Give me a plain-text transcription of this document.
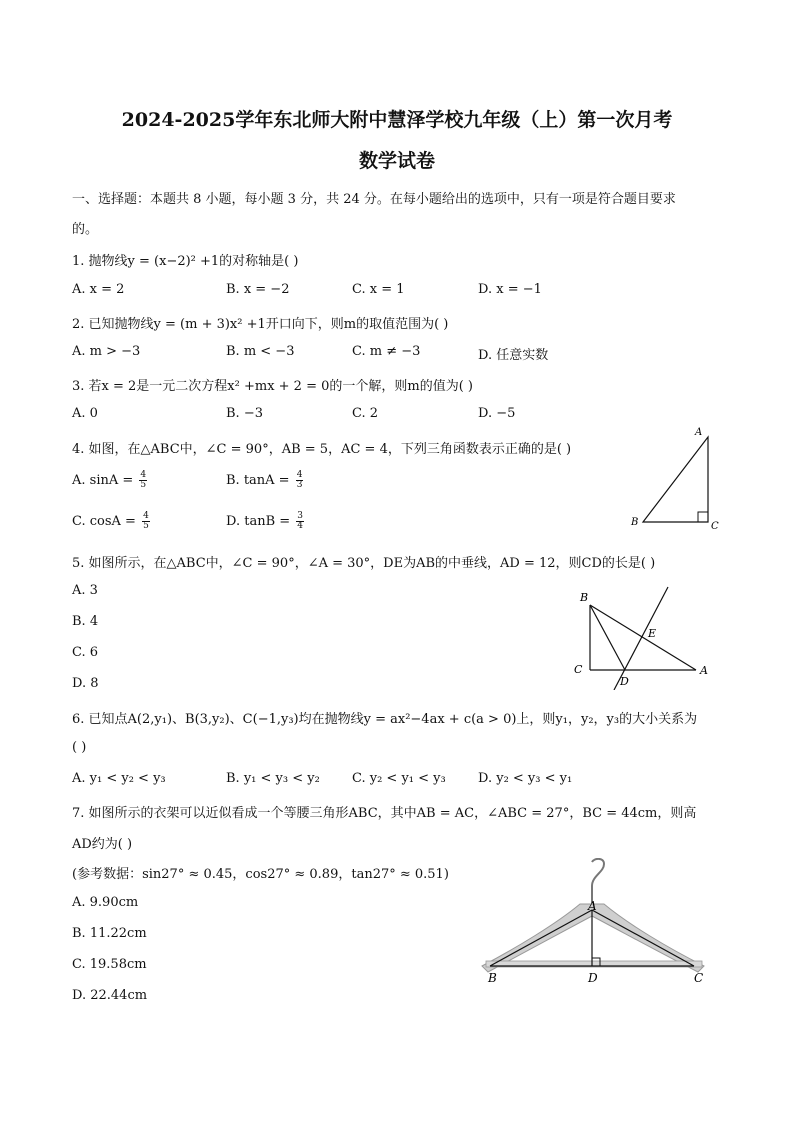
2024-2025学年东北师大附中慧泽学校九年级（上）第一次月考
数学试卷
一、选择题：本题共 8 小题，每小题 3 分，共 24 分。在每小题给出的选项中，只有一项是符合题目要求
的。
1. 抛物线y = (x−2)² +1的对称轴是( )
A. x = 2	B. x = −2	C. x = 1	D. x = −1
2. 已知抛物线y = (m + 3)x² +1开口向下，则m的取值范围为( )
A. m > −3	B. m < −3	C. m ≠ −3	D. 任意实数
3. 若x = 2是一元二次方程x² +mx + 2 = 0的一个解，则m的值为( )
A. 0	B. −3	C. 2	D. −5
4. 如图，在△ABC中，∠C = 90°，AB = 5，AC = 4，下列三角函数表示正确的是( )
A. $\sin A = \frac{4}{5}$	B. $\tan A = \frac{4}{3}$
C. $\cos A = \frac{4}{5}$	D. $\tan B = \frac{3}{4}$
A
B	C
5. 如图所示，在△ABC中，∠C = 90°，∠A = 30°，DE为AB的中垂线，AD = 12，则CD的长是( )
A. 3
B. 4
C. 6
D. 8
B
C	A
D
E
6. 已知点A(2,y₁)、B(3,y₂)、C(−1,y₃)均在抛物线y = ax²−4ax + c(a > 0)上，则y₁，y₂，y₃的大小关系为
( )
A. y₁ < y₂ < y₃	B. y₁ < y₃ < y₂ C. y₂ < y₁ < y₃ D. y₂ < y₃ < y₁
7. 如图所示的衣架可以近似看成一个等腰三角形ABC，其中AB = AC，∠ABC = 27°，BC = 44cm，则高
AD约为( )
(参考数据：sin27° ≈ 0.45，cos27° ≈ 0.89，tan27° ≈ 0.51)
A. 9.90cm
B. 11.22cm
C. 19.58cm
D. 22.44cm
A
B	D	C
